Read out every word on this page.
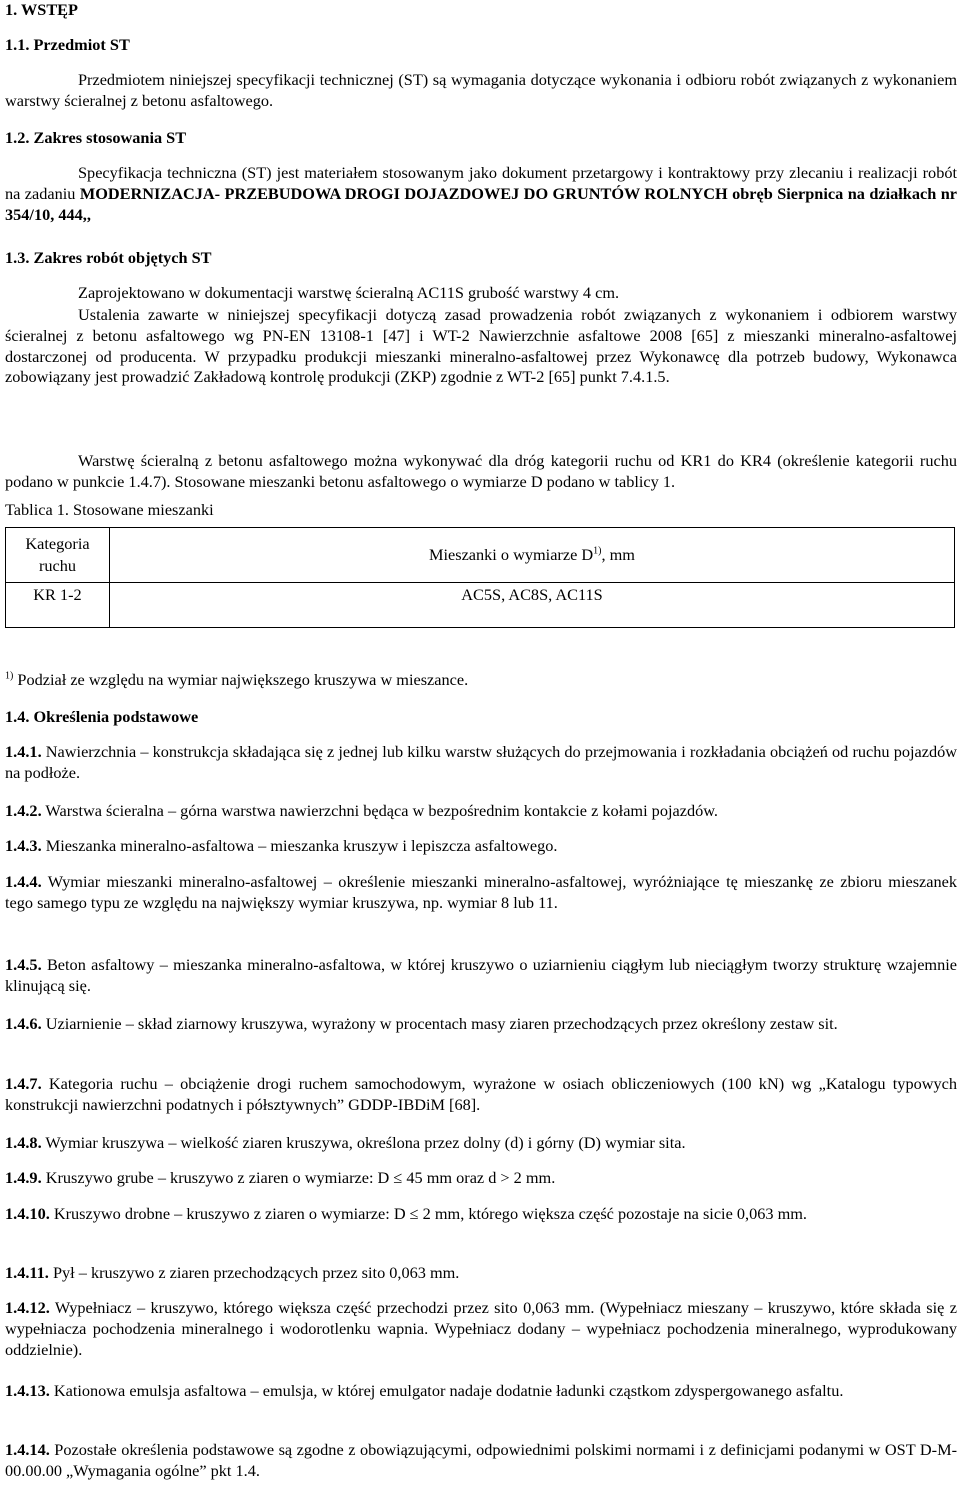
1. WSTĘP

1.1. Przedmiot ST

Przedmiotem niniejszej specyfikacji technicznej (ST) są wymagania dotyczące wykonania i odbioru robót związanych z wykonaniem warstwy ścieralnej z betonu asfaltowego.

1.2. Zakres stosowania ST

Specyfikacja techniczna (ST) jest materiałem stosowanym jako dokument przetargowy i kontraktowy przy zlecaniu i realizacji robót na zadaniu MODERNIZACJA- PRZEBUDOWA DROGI DOJAZDOWEJ DO GRUNTÓW ROLNYCH obręb Sierpnica na działkach nr 354/10, 444,,

1.3. Zakres robót objętych ST

Zaprojektowano w dokumentacji warstwę ścieralną AC11S grubość warstwy 4 cm.

Ustalenia zawarte w niniejszej specyfikacji dotyczą zasad prowadzenia robót związanych z wykonaniem i odbiorem warstwy ścieralnej z betonu asfaltowego wg PN-EN 13108-1 [47] i WT-2 Nawierzchnie asfaltowe 2008 [65] z mieszanki mineralno-asfaltowej dostarczonej od producenta. W przypadku produkcji mieszanki mineralno-asfaltowej przez Wykonawcę dla potrzeb budowy, Wykonawca zobowiązany jest prowadzić Zakładową kontrolę produkcji (ZKP) zgodnie z WT-2 [65] punkt 7.4.1.5.

Warstwę ścieralną z betonu asfaltowego można wykonywać dla dróg kategorii ruchu od KR1 do KR4 (określenie kategorii ruchu podano w punkcie 1.4.7). Stosowane mieszanki betonu asfaltowego o wymiarze D podano w tablicy 1.

Tablica 1. Stosowane mieszanki

Kategoria ruchu	Mieszanki o wymiarze $D^{1)}$, mm
KR 1-2	AC5S, AC8S, AC11S

$^{1)}$ Podział ze względu na wymiar największego kruszywa w mieszance.

1.4. Określenia podstawowe

1.4.1. Nawierzchnia – konstrukcja składająca się z jednej lub kilku warstw służących do przejmowania i rozkładania obciążeń od ruchu pojazdów na podłoże.

1.4.2. Warstwa ścieralna – górna warstwa nawierzchni będąca w bezpośrednim kontakcie z kołami pojazdów.

1.4.3. Mieszanka mineralno-asfaltowa – mieszanka kruszyw i lepiszcza asfaltowego.

1.4.4. Wymiar mieszanki mineralno-asfaltowej – określenie mieszanki mineralno-asfaltowej, wyróżniające tę mieszankę ze zbioru mieszanek tego samego typu ze względu na największy wymiar kruszywa, np. wymiar 8 lub 11.

1.4.5. Beton asfaltowy – mieszanka mineralno-asfaltowa, w której kruszywo o uziarnieniu ciągłym lub nieciągłym tworzy strukturę wzajemnie klinującą się.

1.4.6. Uziarnienie – skład ziarnowy kruszywa, wyrażony w procentach masy ziaren przechodzących przez określony zestaw sit.

1.4.7. Kategoria ruchu – obciążenie drogi ruchem samochodowym, wyrażone w osiach obliczeniowych (100 kN) wg „Katalogu typowych konstrukcji nawierzchni podatnych i półsztywnych” GDDP-IBDiM [68].

1.4.8. Wymiar kruszywa – wielkość ziaren kruszywa, określona przez dolny (d) i górny (D) wymiar sita.

1.4.9. Kruszywo grube – kruszywo z ziaren o wymiarze: D ≤ 45 mm oraz d > 2 mm.

1.4.10. Kruszywo drobne – kruszywo z ziaren o wymiarze: D ≤ 2 mm, którego większa część pozostaje na sicie 0,063 mm.

1.4.11. Pył – kruszywo z ziaren przechodzących przez sito 0,063 mm.

1.4.12. Wypełniacz – kruszywo, którego większa część przechodzi przez sito 0,063 mm. (Wypełniacz mieszany – kruszywo, które składa się z wypełniacza pochodzenia mineralnego i wodorotlenku wapnia. Wypełniacz dodany – wypełniacz pochodzenia mineralnego, wyprodukowany oddzielnie).

1.4.13. Kationowa emulsja asfaltowa – emulsja, w której emulgator nadaje dodatnie ładunki cząstkom zdyspergowanego asfaltu.

1.4.14. Pozostałe określenia podstawowe są zgodne z obowiązującymi, odpowiednimi polskimi normami i z definicjami podanymi w OST D-M-00.00.00 „Wymagania ogólne” pkt 1.4.
